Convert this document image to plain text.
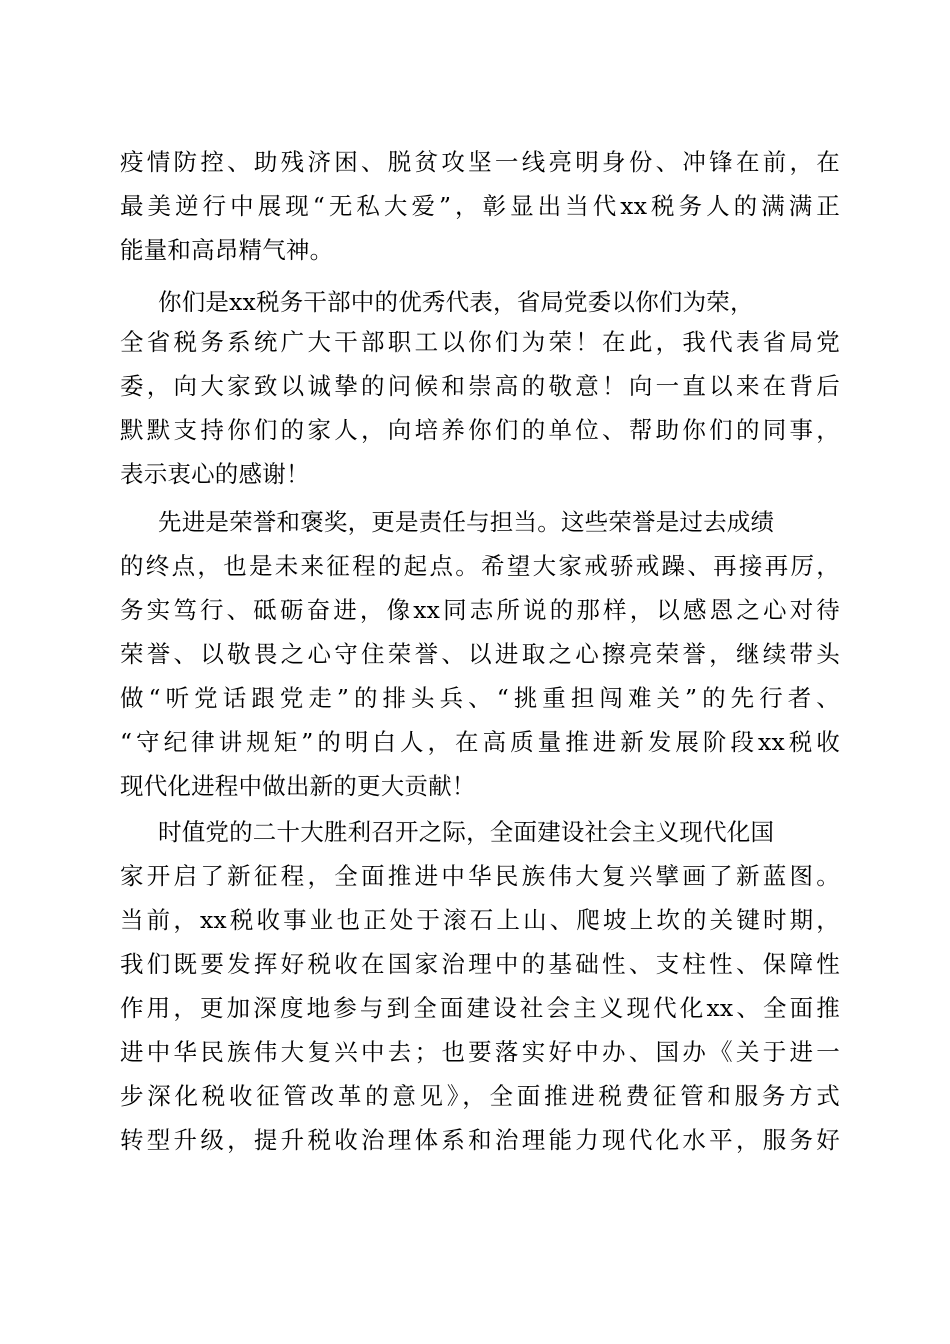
疫情防控、助残济困、脱贫攻坚一线亮明身份、冲锋在前，在
最美逆行中展现“无私大爱”，彰显出当代xx税务人的满满正
能量和高昂精气神。
你们是xx税务干部中的优秀代表，省局党委以你们为荣，
全省税务系统广大干部职工以你们为荣！在此，我代表省局党
委，向大家致以诚挚的问候和崇高的敬意！向一直以来在背后
默默支持你们的家人，向培养你们的单位、帮助你们的同事，
表示衷心的感谢！
先进是荣誉和褒奖，更是责任与担当。这些荣誉是过去成绩
的终点，也是未来征程的起点。希望大家戒骄戒躁、再接再厉，
务实笃行、砥砺奋进，像xx同志所说的那样，以感恩之心对待
荣誉、以敬畏之心守住荣誉、以进取之心擦亮荣誉，继续带头
做“听党话跟党走”的排头兵、“挑重担闯难关”的先行者、
“守纪律讲规矩”的明白人，在高质量推进新发展阶段xx税收
现代化进程中做出新的更大贡献！
时值党的二十大胜利召开之际，全面建设社会主义现代化国
家开启了新征程，全面推进中华民族伟大复兴擘画了新蓝图。
当前，xx税收事业也正处于滚石上山、爬坡上坎的关键时期，
我们既要发挥好税收在国家治理中的基础性、支柱性、保障性
作用，更加深度地参与到全面建设社会主义现代化xx、全面推
进中华民族伟大复兴中去；也要落实好中办、国办《关于进一
步深化税收征管改革的意见》，全面推进税费征管和服务方式
转型升级，提升税收治理体系和治理能力现代化水平，服务好
